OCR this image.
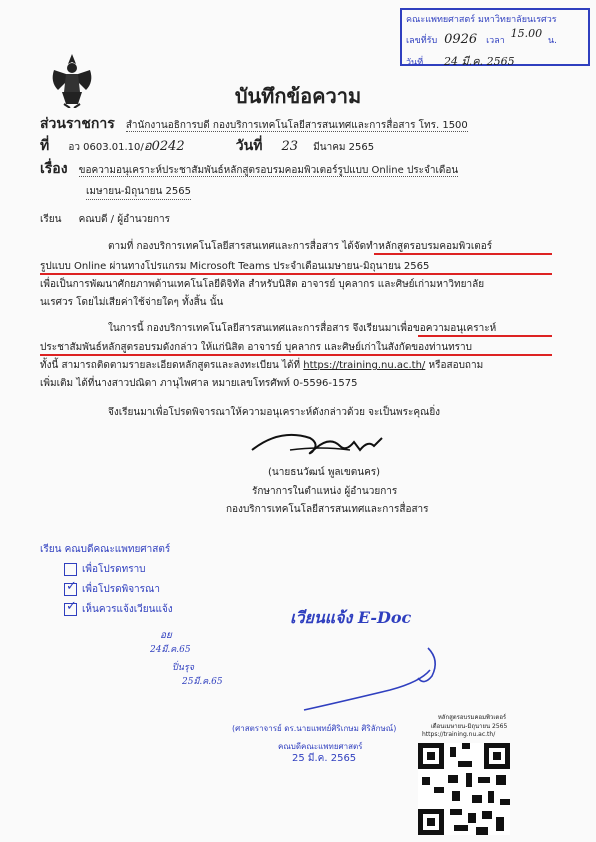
คณะแพทยศาสตร์ มหาวิทยาลัยนเรศวร
เลขที่รับ 0926 เวลา 15.00 น.
วันที่ 24 มี.ค. 2565
บันทึกข้อความ
ส่วนราชการ สำนักงานอธิการบดี กองบริการเทคโนโลยีสารสนเทศและการสื่อสาร โทร. 1500
ที่ อว 0603.01.10/อ0242	วันที่ 23 มีนาคม 2565
เรื่อง ขอความอนุเคราะห์ประชาสัมพันธ์หลักสูตรอบรมคอมพิวเตอร์รูปแบบ Online ประจำเดือน
เมษายน-มิถุนายน 2565
เรียน คณบดี / ผู้อำนวยการ
ตามที่ กองบริการเทคโนโลยีสารสนเทศและการสื่อสาร ได้จัดทำหลักสูตรอบรมคอมพิวเตอร์
รูปแบบ Online ผ่านทางโปรแกรม Microsoft Teams ประจำเดือนเมษายน-มิถุนายน 2565
เพื่อเป็นการพัฒนาศักยภาพด้านเทคโนโลยีดิจิทัล สำหรับนิสิต อาจารย์ บุคลากร และศิษย์เก่ามหาวิทยาลัย
นเรศวร โดยไม่เสียค่าใช้จ่ายใดๆ ทั้งสิ้น นั้น
ในการนี้ กองบริการเทคโนโลยีสารสนเทศและการสื่อสาร จึงเรียนมาเพื่อขอความอนุเคราะห์
ประชาสัมพันธ์หลักสูตรอบรมดังกล่าว ให้แก่นิสิต อาจารย์ บุคลากร และศิษย์เก่าในสังกัดของท่านทราบ
ทั้งนี้ สามารถติดตามรายละเอียดหลักสูตรและลงทะเบียน ได้ที่ https://training.nu.ac.th/ หรือสอบถาม
เพิ่มเติม ได้ที่นางสาวปณิดา ภานุไพศาล หมายเลขโทรศัพท์ 0-5596-1575
จึงเรียนมาเพื่อโปรดพิจารณาให้ความอนุเคราะห์ดังกล่าวด้วย จะเป็นพระคุณยิ่ง
(นายธนวัฒน์ พูลเขตนคร)
รักษาการในตำแหน่ง ผู้อำนวยการ
กองบริการเทคโนโลยีสารสนเทศและการสื่อสาร
เรียน คณบดีคณะแพทยศาสตร์
เพื่อโปรดทราบ
✓ เพื่อโปรดพิจารณา
✓ เห็นควรแจ้งเวียนแจ้ง
อย
24มี.ค.65
ปิ่นรุจ
25มี.ค.65
เวียนแจ้ง E-Doc
(ศาสตราจารย์ ดร.นายแพทย์ศิริเกษม ศิริลักษณ์)
คณบดีคณะแพทยศาสตร์
25 มี.ค. 2565
หลักสูตรอบรมคอมพิวเตอร์
เดือนเมษายน-มิถุนายน 2565
https://training.nu.ac.th/
